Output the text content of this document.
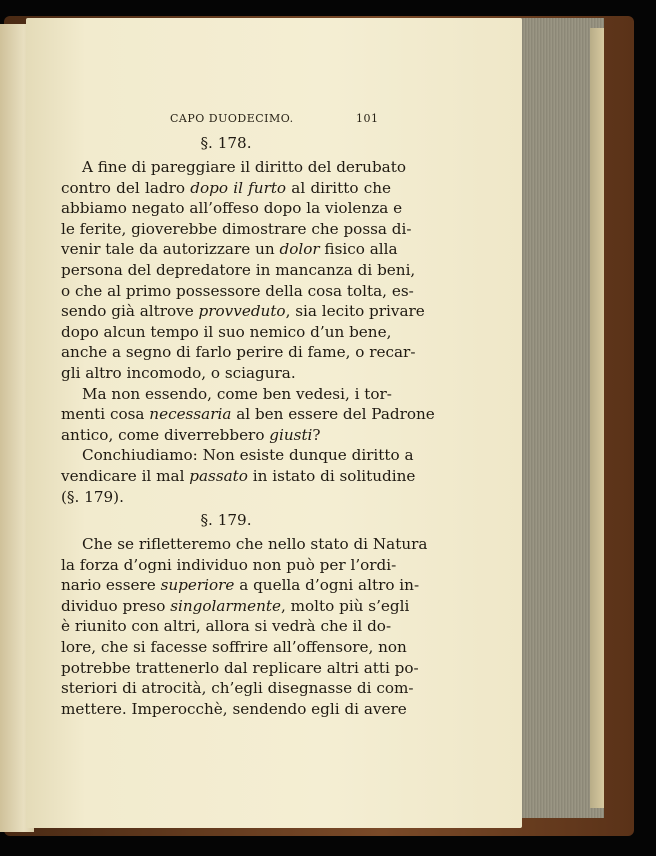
CAPO DUODECIMO.	101
§. 178.
A fine di pareggiare il diritto del derubato
contro del ladro dopo il furto al diritto che
abbiamo negato all’offeso dopo la violenza e
le ferite, gioverebbe dimostrare che possa di-
venir tale da autorizzare un dolor fisico alla
persona del depredatore in mancanza di beni,
o che al primo possessore della cosa tolta, es-
sendo già altrove provveduto, sia lecito privare
dopo alcun tempo il suo nemico d’un bene,
anche a segno di farlo perire di fame, o recar-
gli altro incomodo, o sciagura.
Ma non essendo, come ben vedesi, i tor-
menti cosa necessaria al ben essere del Padrone
antico, come diverrebbero giusti?
Conchiudiamo: Non esiste dunque diritto a
vendicare il mal passato in istato di solitudine
(§. 179).
§. 179.
Che se rifletteremo che nello stato di Natura
la forza d’ogni individuo non può per l’ordi-
nario essere superiore a quella d’ogni altro in-
dividuo preso singolarmente, molto più s’egli
è riunito con altri, allora si vedrà che il do-
lore, che si facesse soffrire all’offensore, non
potrebbe trattenerlo dal replicare altri atti po-
steriori di atrocità, ch’egli disegnasse di com-
mettere. Imperocchè, sendendo egli di avere
